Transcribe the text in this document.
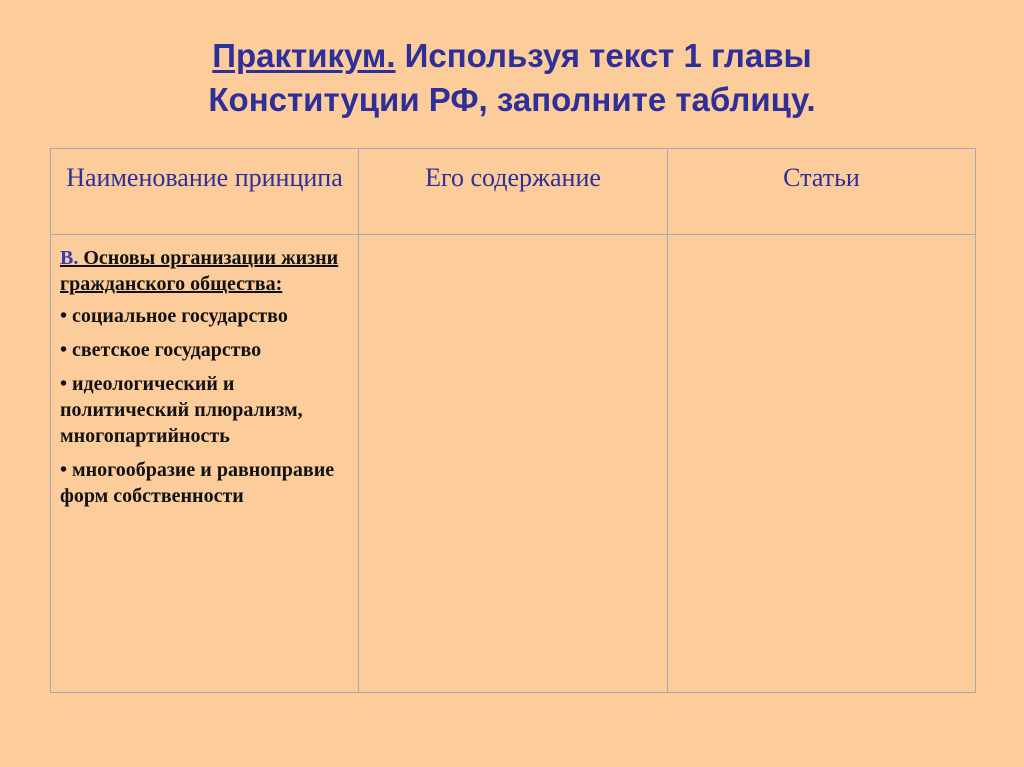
Практикум. Используя текст 1 главы
Конституции РФ, заполните таблицу.
Наименование принципа	Его содержание	Статьи

В. Основы организации жизни гражданского общества:
• социальное государство
• светское государство
• идеологический и политический плюрализм, многопартийность
• многообразие и равноправие форм собственности		
